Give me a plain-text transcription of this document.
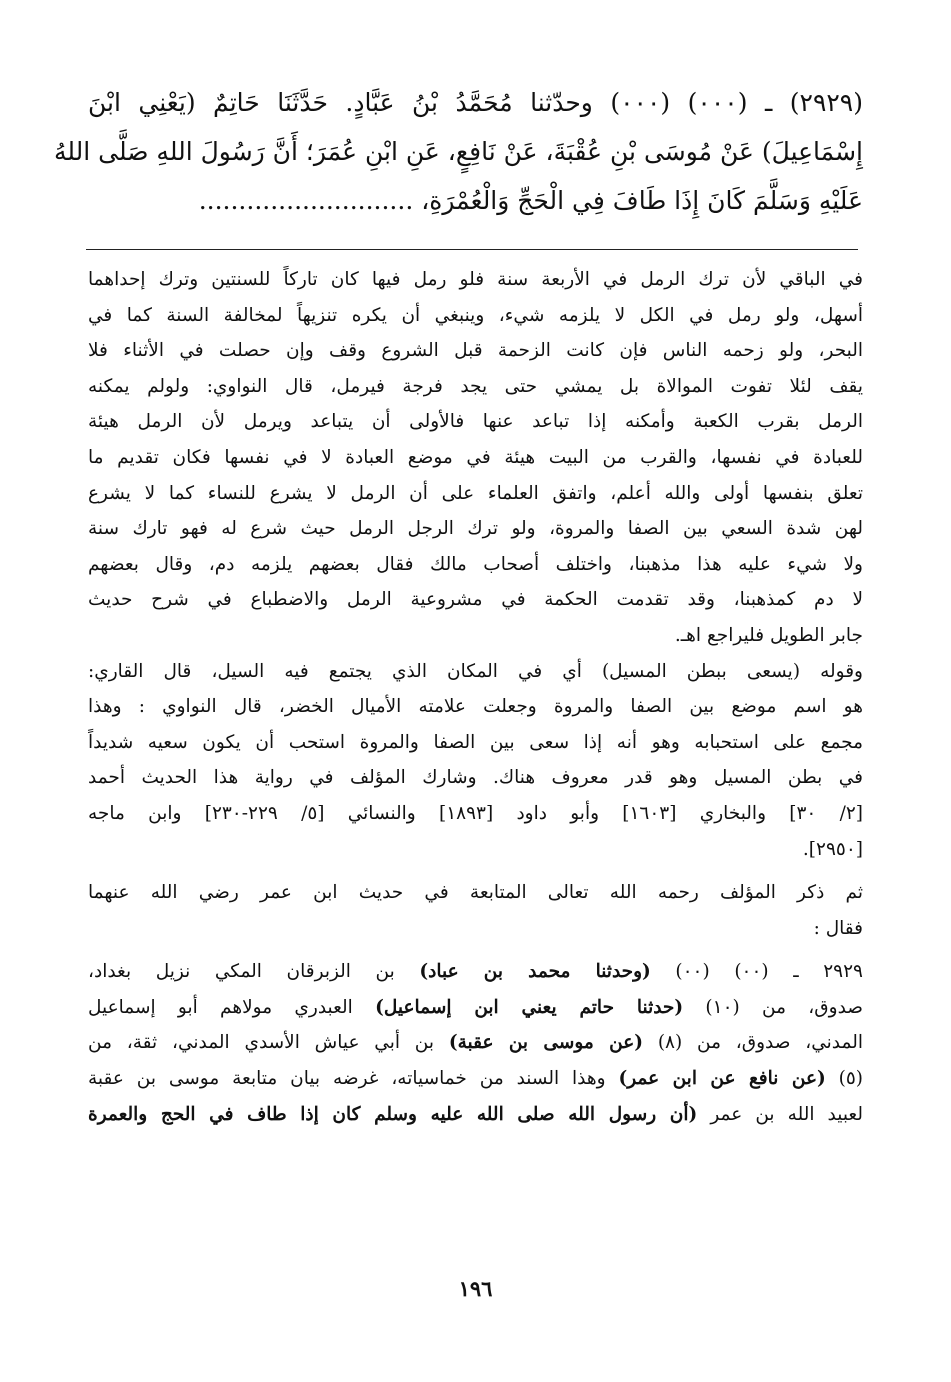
(٢٩٢٩) ـ (٠٠٠) (٠٠٠) وحدّثنا مُحَمَّدُ بْنُ عَبَّادٍ. حَدَّثَنَا حَاتِمٌ (يَعْنِي ابْنَ
إِسْمَاعِيلَ) عَنْ مُوسَى بْنِ عُقْبَةَ، عَنْ نَافِعٍ، عَنِ ابْنِ عُمَرَ؛ أَنَّ رَسُولَ اللهِ صَلَّى اللهُ
عَلَيْهِ وَسَلَّمَ كَانَ إِذَا طَافَ فِي الْحَجِّ وَالْعُمْرَةِ، ...........................

في الباقي لأن ترك الرمل في الأربعة سنة فلو رمل فيها كان تاركاً للسنتين وترك إحداهما
أسهل، ولو رمل في الكل لا يلزمه شيء، وينبغي أن يكره تنزيهاً لمخالفة السنة كما في
البحر، ولو زحمه الناس فإن كانت الزحمة قبل الشروع وقف وإن حصلت في الأثناء فلا
يقف لئلا تفوت الموالاة بل يمشي حتى يجد فرجة فيرمل، قال النواوي: ولولم يمكنه
الرمل بقرب الكعبة وأمكنه إذا تباعد عنها فالأولى أن يتباعد ويرمل لأن الرمل هيئة
للعبادة في نفسها، والقرب من البيت هيئة في موضع العبادة لا في نفسها فكان تقديم ما
تعلق بنفسها أولى والله أعلم، واتفق العلماء على أن الرمل لا يشرع للنساء كما لا يشرع
لهن شدة السعي بين الصفا والمروة، ولو ترك الرجل الرمل حيث شرع له فهو تارك سنة
ولا شيء عليه هذا مذهبنا، واختلف أصحاب مالك فقال بعضهم يلزمه دم، وقال بعضهم
لا دم كمذهبنا، وقد تقدمت الحكمة في مشروعية الرمل والاضطباع في شرح حديث
جابر الطويل فليراجع اهـ.

وقوله (يسعى ببطن المسيل) أي في المكان الذي يجتمع فيه السيل، قال القاري:
هو اسم موضع بين الصفا والمروة وجعلت علامته الأميال الخضر، قال النواوي : وهذا
مجمع على استحبابه وهو أنه إذا سعى بين الصفا والمروة استحب أن يكون سعيه شديداً
في بطن المسيل وهو قدر معروف هناك. وشارك المؤلف في رواية هذا الحديث أحمد
[٢/ ٣٠] والبخاري [١٦٠٣] وأبو داود [١٨٩٣] والنسائي [٥/ ٢٢٩-٢٣٠] وابن ماجه
[٢٩٥٠].

ثم ذكر المؤلف رحمه الله تعالى المتابعة في حديث ابن عمر رضي الله عنهما
فقال :

٢٩٢٩ ـ (٠٠) (٠٠) (وحدثنا محمد بن عباد) بن الزبرقان المكي نزيل بغداد،
صدوق، من (١٠) (حدثنا حاتم يعني ابن إسماعيل) العبدري مولاهم أبو إسماعيل
المدني، صدوق، من (٨) (عن موسى بن عقبة) بن أبي عياش الأسدي المدني، ثقة، من
(٥) (عن نافع عن ابن عمر) وهذا السند من خماسياته، غرضه بيان متابعة موسى بن عقبة
لعبيد الله بن عمر (أن رسول الله صلى الله عليه وسلم كان إذا طاف في الحج والعمرة

١٩٦
